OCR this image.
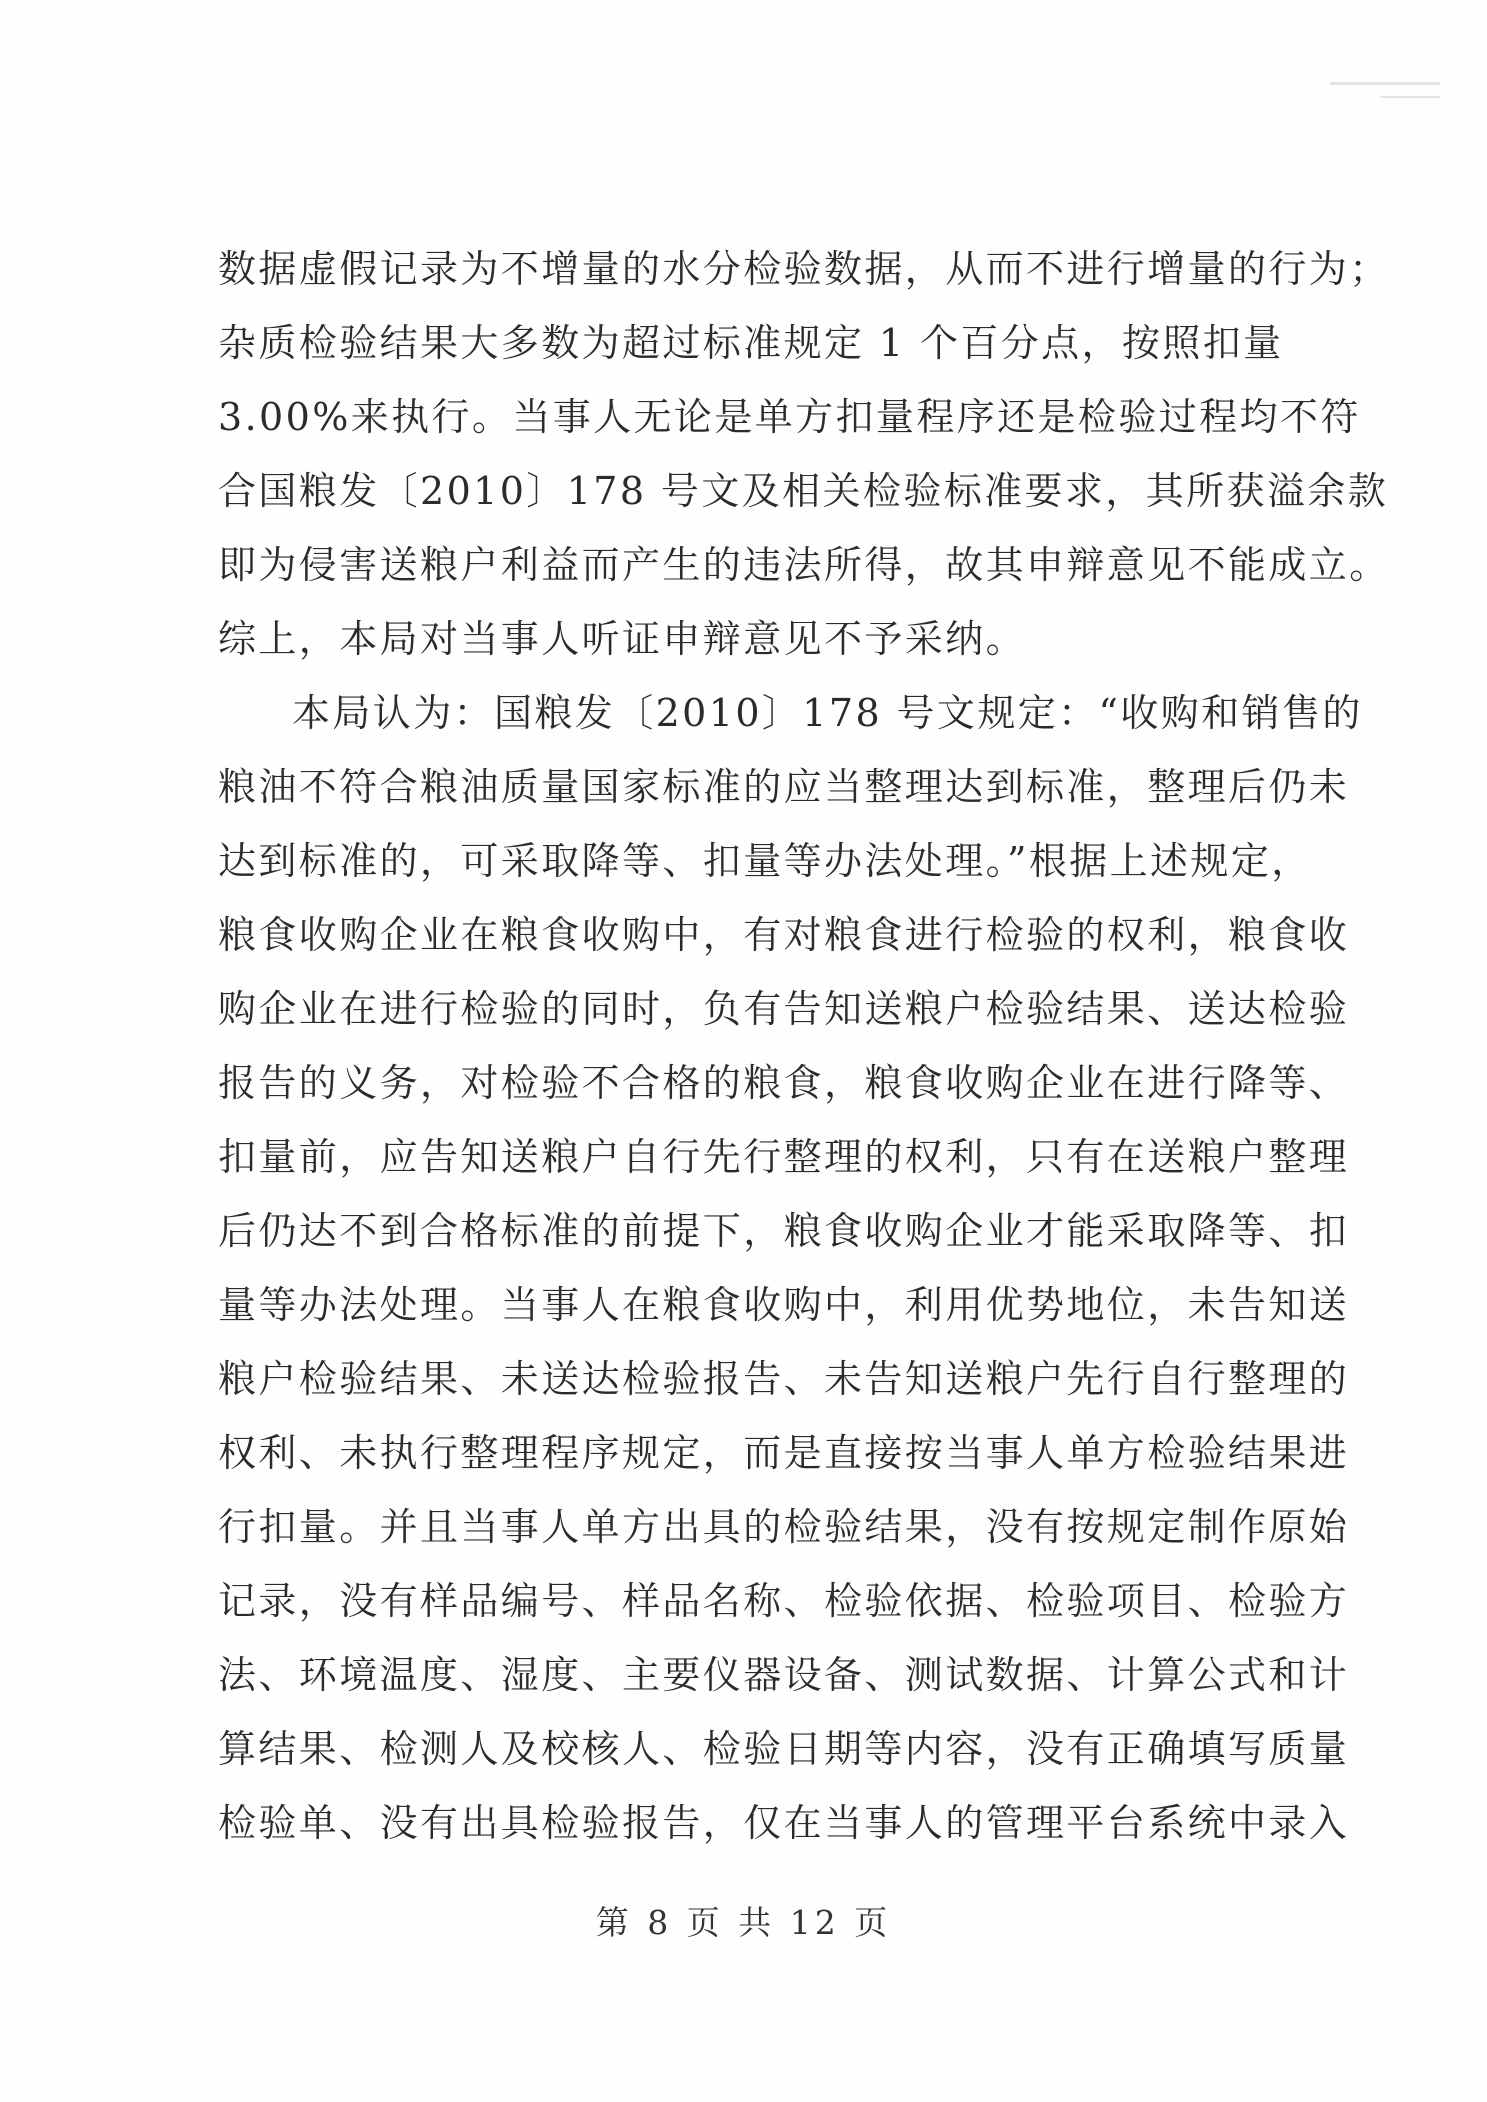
数据虚假记录为不增量的水分检验数据，从而不进行增量的行为；
杂质检验结果大多数为超过标准规定 1 个百分点，按照扣量
3.00%来执行。当事人无论是单方扣量程序还是检验过程均不符
合国粮发〔2010〕178 号文及相关检验标准要求，其所获溢余款
即为侵害送粮户利益而产生的违法所得，故其申辩意见不能成立。
综上，本局对当事人听证申辩意见不予采纳。
本局认为：国粮发〔2010〕178 号文规定：“收购和销售的
粮油不符合粮油质量国家标准的应当整理达到标准，整理后仍未
达到标准的，可采取降等、扣量等办法处理。”根据上述规定，
粮食收购企业在粮食收购中，有对粮食进行检验的权利，粮食收
购企业在进行检验的同时，负有告知送粮户检验结果、送达检验
报告的义务，对检验不合格的粮食，粮食收购企业在进行降等、
扣量前，应告知送粮户自行先行整理的权利，只有在送粮户整理
后仍达不到合格标准的前提下，粮食收购企业才能采取降等、扣
量等办法处理。当事人在粮食收购中，利用优势地位，未告知送
粮户检验结果、未送达检验报告、未告知送粮户先行自行整理的
权利、未执行整理程序规定，而是直接按当事人单方检验结果进
行扣量。并且当事人单方出具的检验结果，没有按规定制作原始
记录，没有样品编号、样品名称、检验依据、检验项目、检验方
法、环境温度、湿度、主要仪器设备、测试数据、计算公式和计
算结果、检测人及校核人、检验日期等内容，没有正确填写质量
检验单、没有出具检验报告，仅在当事人的管理平台系统中录入
第 8 页 共 12 页
